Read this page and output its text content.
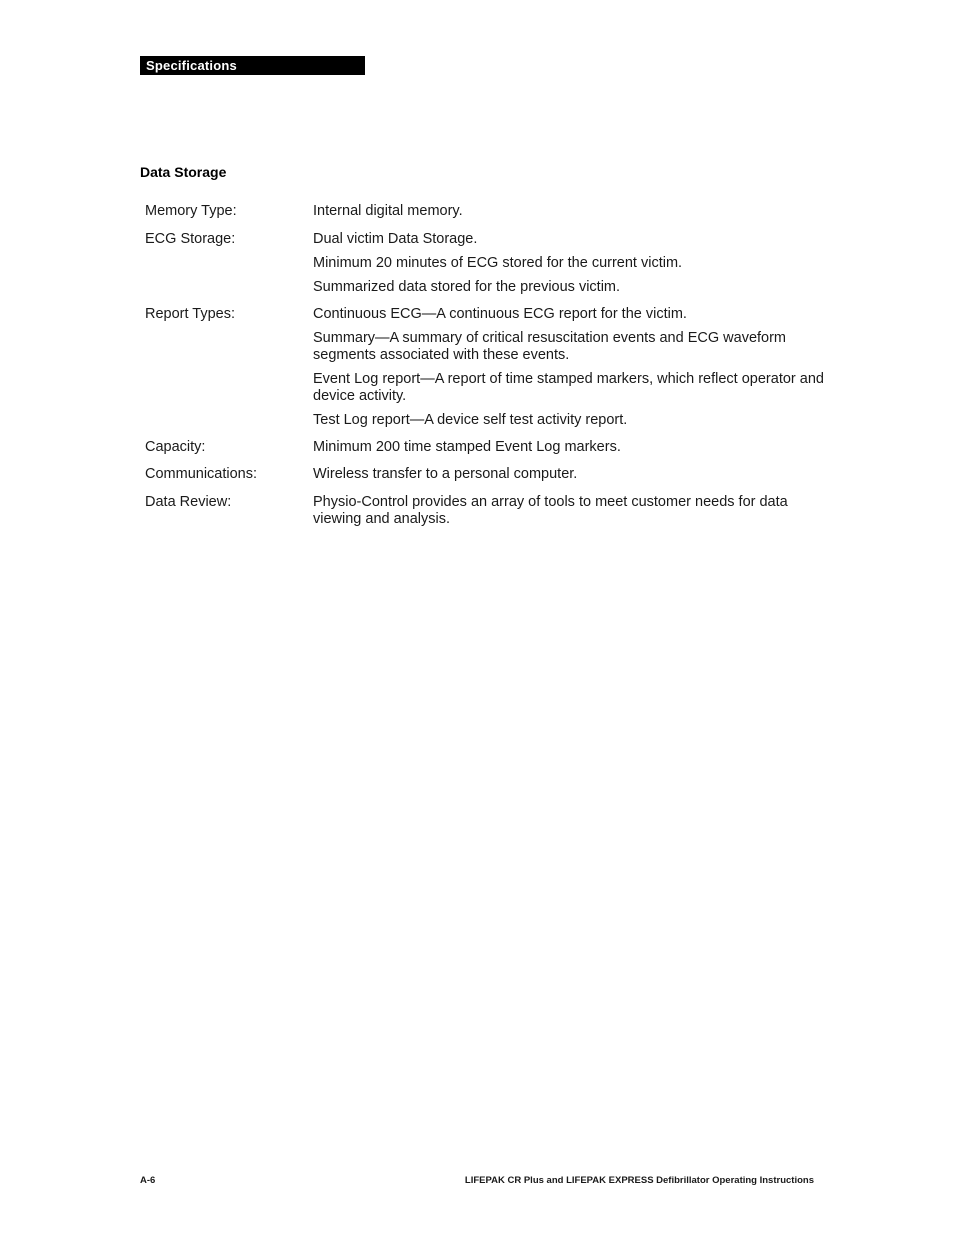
Specifications
Data Storage
Memory Type:	Internal digital memory.
ECG Storage:	Dual victim Data Storage.
Minimum 20 minutes of ECG stored for the current victim.
Summarized data stored for the previous victim.
Report Types:	Continuous ECG—A continuous ECG report for the victim.
Summary—A summary of critical resuscitation events and ECG waveform segments associated with these events.
Event Log report—A report of time stamped markers, which reflect operator and device activity.
Test Log report—A device self test activity report.
Capacity:	Minimum 200 time stamped Event Log markers.
Communications:	Wireless transfer to a personal computer.
Data Review:	Physio-Control provides an array of tools to meet customer needs for data viewing and analysis.
A-6	LIFEPAK CR Plus and LIFEPAK EXPRESS Defibrillator Operating Instructions
